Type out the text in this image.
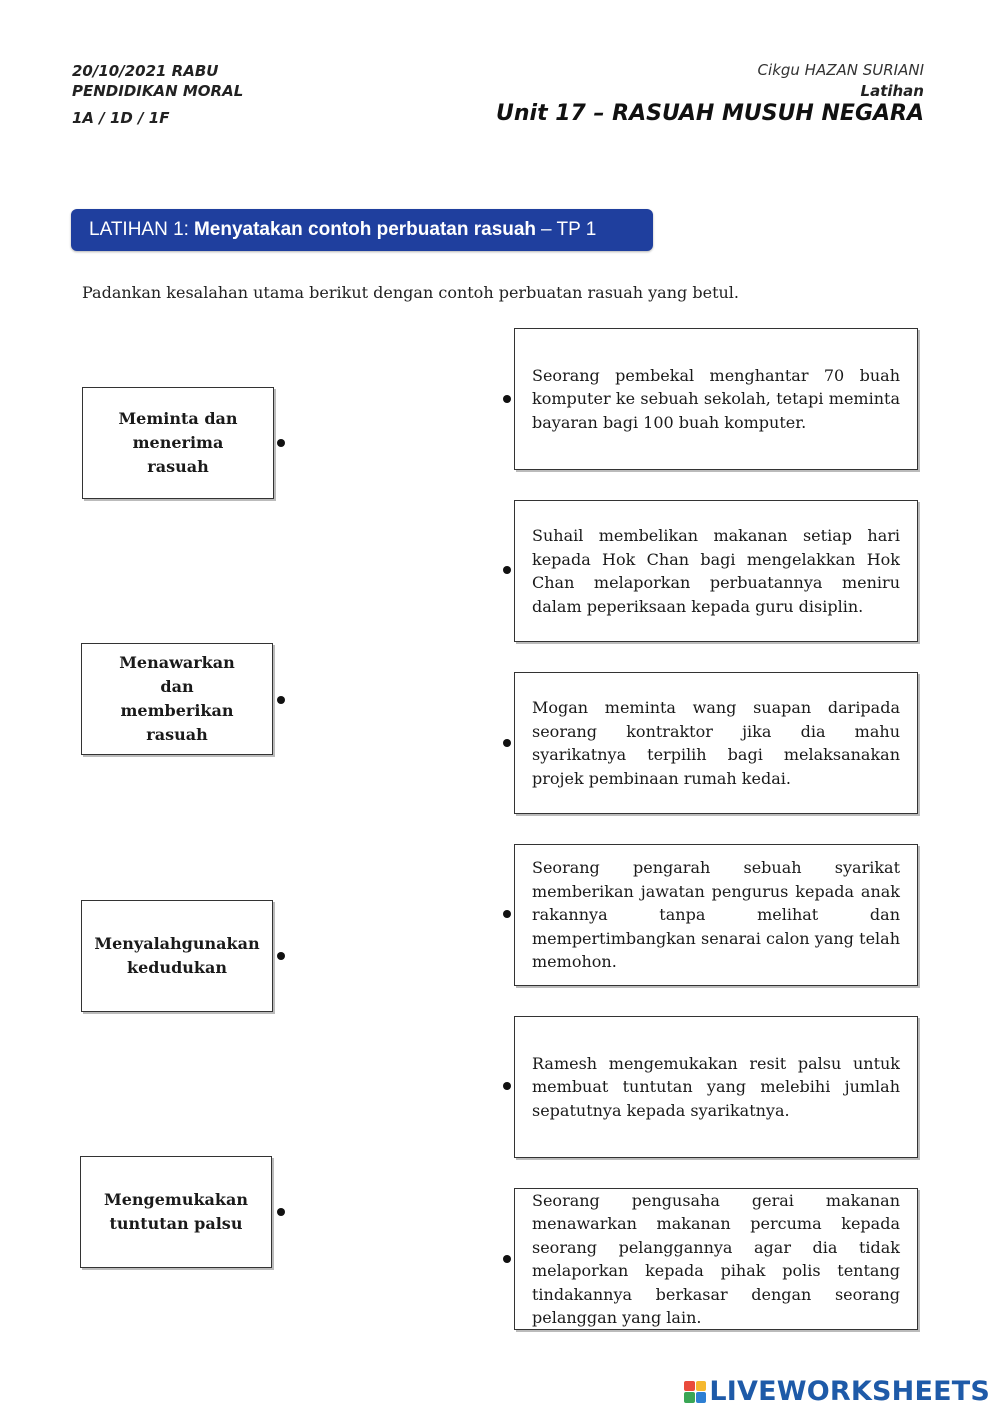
20/10/2021 RABU
PENDIDIKAN MORAL
1A / 1D / 1F
Cikgu HAZAN SURIANI
Latihan
Unit 17 – RASUAH MUSUH NEGARA
LATIHAN 1: Menyatakan contoh perbuatan rasuah – TP 1
Padankan kesalahan utama berikut dengan contoh perbuatan rasuah yang betul.
Meminta dan menerima rasuah
Menawarkan dan memberikan rasuah
Menyalahgunakan kedudukan
Mengemukakan tuntutan palsu
Seorang pembekal menghantar 70 buah komputer ke sebuah sekolah, tetapi meminta bayaran bagi 100 buah komputer.
Suhail membelikan makanan setiap hari kepada Hok Chan bagi mengelakkan Hok Chan melaporkan perbuatannya meniru dalam peperiksaan kepada guru disiplin.
Mogan meminta wang suapan daripada seorang kontraktor jika dia mahu syarikatnya terpilih bagi melaksanakan projek pembinaan rumah kedai.
Seorang pengarah sebuah syarikat memberikan jawatan pengurus kepada anak rakannya tanpa melihat dan mempertimbangkan senarai calon yang telah memohon.
Ramesh mengemukakan resit palsu untuk membuat tuntutan yang melebihi jumlah sepatutnya kepada syarikatnya.
Seorang pengusaha gerai makanan menawarkan makanan percuma kepada seorang pelanggannya agar dia tidak melaporkan kepada pihak polis tentang tindakannya berkasar dengan seorang pelanggan yang lain.
LIVEWORKSHEETS
